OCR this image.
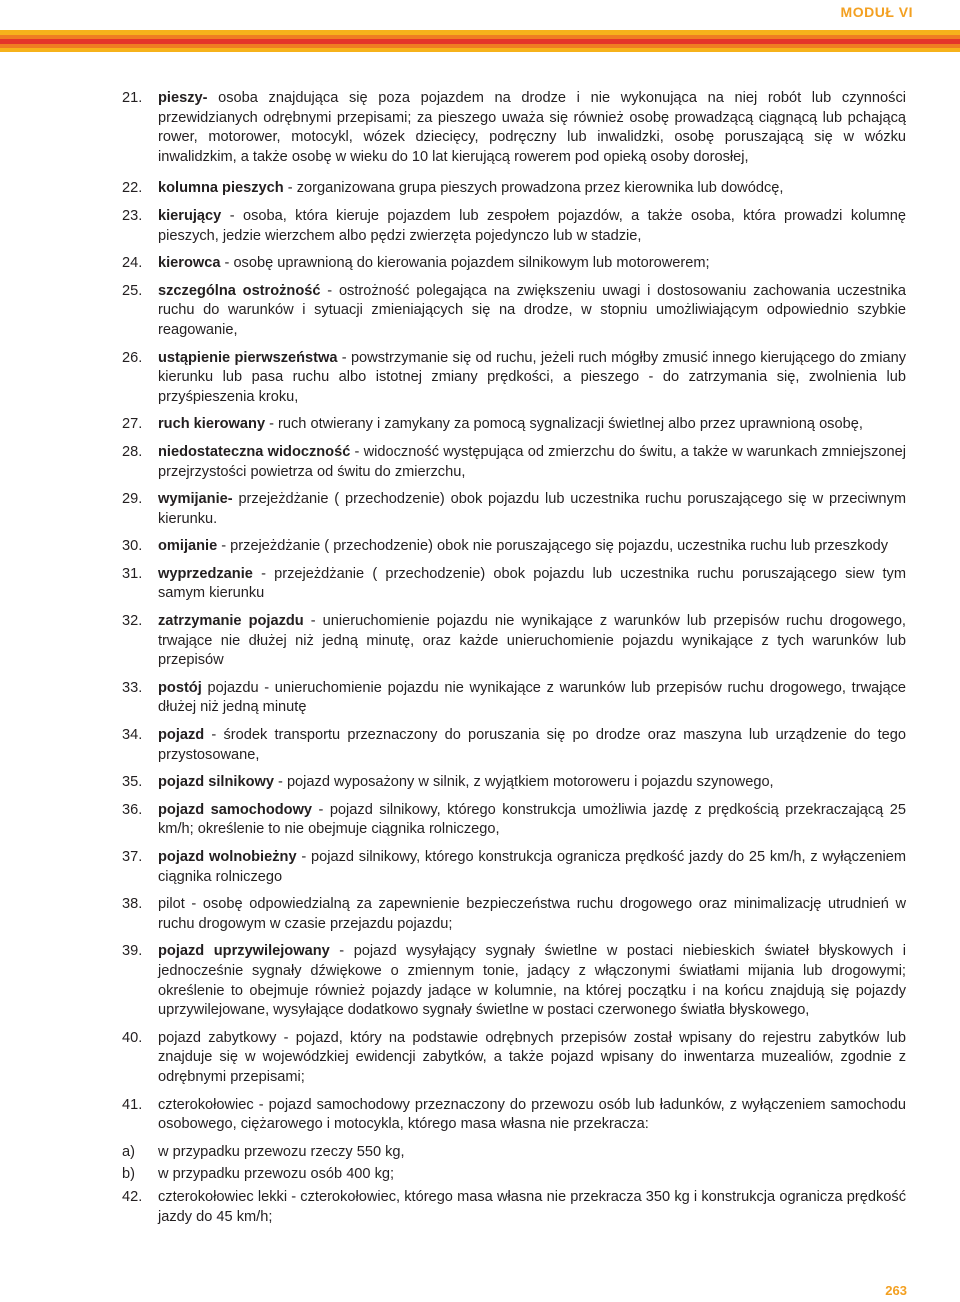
MODUŁ VI
21. pieszy- osoba znajdująca się poza pojazdem na drodze i nie wykonująca na niej robót lub czynności przewidzianych odrębnymi przepisami; za pieszego uważa się również osobę prowadzącą ciągnącą lub pchającą rower, motorower, motocykl, wózek dziecięcy, podręczny lub inwalidzki, osobę poruszającą się w wózku inwalidzkim, a także osobę w wieku do 10 lat kierującą rowerem pod opieką osoby dorosłej,
22. kolumna pieszych - zorganizowana grupa pieszych prowadzona przez kierownika lub dowódcę,
23. kierujący - osoba, która kieruje pojazdem lub zespołem pojazdów, a także osoba, która prowadzi kolumnę pieszych, jedzie wierzchem albo pędzi zwierzęta pojedynczo lub w stadzie,
24. kierowca - osobę uprawnioną do kierowania pojazdem silnikowym lub motorowerem;
25. szczególna ostrożność - ostrożność polegająca na zwiększeniu uwagi i dostosowaniu zachowania uczestnika ruchu do warunków i sytuacji zmieniających się na drodze, w stopniu umożliwiającym odpowiednio szybkie reagowanie,
26. ustąpienie pierwszeństwa - powstrzymanie się od ruchu, jeżeli ruch mógłby zmusić innego kierującego do zmiany kierunku lub pasa ruchu albo istotnej zmiany prędkości, a pieszego - do zatrzymania się, zwolnienia lub przyśpieszenia kroku,
27. ruch kierowany - ruch otwierany i zamykany za pomocą sygnalizacji świetlnej albo przez uprawnioną osobę,
28. niedostateczna widoczność - widoczność występująca od zmierzchu do świtu, a także w warunkach zmniejszonej przejrzystości powietrza od świtu do zmierzchu,
29. wymijanie- przejeżdżanie ( przechodzenie) obok pojazdu lub uczestnika ruchu poruszającego się w przeciwnym kierunku.
30. omijanie - przejeżdżanie ( przechodzenie) obok nie poruszającego się pojazdu, uczestnika ruchu lub przeszkody
31. wyprzedzanie - przejeżdżanie ( przechodzenie) obok pojazdu lub uczestnika ruchu poruszającego siew tym samym kierunku
32. zatrzymanie pojazdu - unieruchomienie pojazdu nie wynikające z warunków lub przepisów ruchu drogowego, trwające nie dłużej niż jedną minutę, oraz każde unieruchomienie pojazdu wynikające z tych warunków lub przepisów
33. postój pojazdu - unieruchomienie pojazdu nie wynikające z warunków lub przepisów ruchu drogowego, trwające dłużej niż jedną minutę
34. pojazd - środek transportu przeznaczony do poruszania się po drodze oraz maszyna lub urządzenie do tego przystosowane,
35. pojazd silnikowy - pojazd wyposażony w silnik, z wyjątkiem motoroweru i pojazdu szynowego,
36. pojazd samochodowy - pojazd silnikowy, którego konstrukcja umożliwia jazdę z prędkością przekraczającą 25 km/h; określenie to nie obejmuje ciągnika rolniczego,
37. pojazd wolnobieżny - pojazd silnikowy, którego konstrukcja ogranicza prędkość jazdy do 25 km/h, z wyłączeniem ciągnika rolniczego
38. pilot - osobę odpowiedzialną za zapewnienie bezpieczeństwa ruchu drogowego oraz minimalizację utrudnień w ruchu drogowym w czasie przejazdu pojazdu;
39. pojazd uprzywilejowany - pojazd wysyłający sygnały świetlne w postaci niebieskich świateł błyskowych i jednocześnie sygnały dźwiękowe o zmiennym tonie, jadący z włączonymi światłami mijania lub drogowymi; określenie to obejmuje również pojazdy jadące w kolumnie, na której początku i na końcu znajdują się pojazdy uprzywilejowane, wysyłające dodatkowo sygnały świetlne w postaci czerwonego światła błyskowego,
40. pojazd zabytkowy - pojazd, który na podstawie odrębnych przepisów został wpisany do rejestru zabytków lub znajduje się w wojewódzkiej ewidencji zabytków, a także pojazd wpisany do inwentarza muzealiów, zgodnie z odrębnymi przepisami;
41. czterokołowiec - pojazd samochodowy przeznaczony do przewozu osób lub ładunków, z wyłączeniem samochodu osobowego, ciężarowego i motocykla, którego masa własna nie przekracza:
a) w przypadku przewozu rzeczy 550 kg,
b) w przypadku przewozu osób 400 kg;
42. czterokołowiec lekki - czterokołowiec, którego masa własna nie przekracza 350 kg i konstrukcja ogranicza prędkość jazdy do 45 km/h;
263
